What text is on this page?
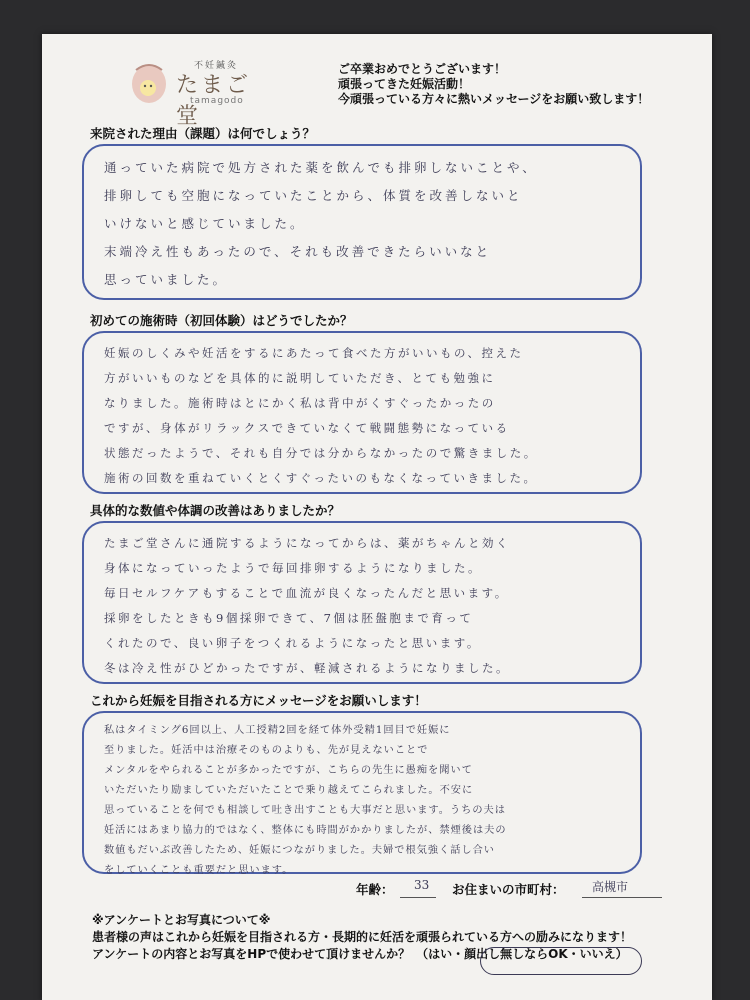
不妊鍼灸
たまご堂
tamagodo
ご卒業おめでとうございます！
頑張ってきた妊娠活動！
今頑張っている方々に熱いメッセージをお願い致します！
来院された理由（課題）は何でしょう？
通っていた病院で処方された薬を飲んでも排卵しないことや、
排卵しても空胞になっていたことから、体質を改善しないと
いけないと感じていました。
末端冷え性もあったので、それも改善できたらいいなと
思っていました。
初めての施術時（初回体験）はどうでしたか？
妊娠のしくみや妊活をするにあたって食べた方がいいもの、控えた
方がいいものなどを具体的に説明していただき、とても勉強に
なりました。施術時はとにかく私は背中がくすぐったかったの
ですが、身体がリラックスできていなくて戦闘態勢になっている
状態だったようで、それも自分では分からなかったので驚きました。
施術の回数を重ねていくとくすぐったいのもなくなっていきました。
具体的な数値や体調の改善はありましたか？
たまご堂さんに通院するようになってからは、薬がちゃんと効く
身体になっていったようで毎回排卵するようになりました。
毎日セルフケアもすることで血流が良くなったんだと思います。
採卵をしたときも9個採卵できて、7個は胚盤胞まで育って
くれたので、良い卵子をつくれるようになったと思います。
冬は冷え性がひどかったですが、軽減されるようになりました。
これから妊娠を目指される方にメッセージをお願いします！
私はタイミング6回以上、人工授精2回を経て体外受精1回目で妊娠に
至りました。妊活中は治療そのものよりも、先が見えないことで
メンタルをやられることが多かったですが、こちらの先生に愚痴を聞いて
いただいたり励ましていただいたことで乗り越えてこられました。不安に
思っていることを何でも相談して吐き出すことも大事だと思います。うちの夫は
妊活にはあまり協力的ではなく、整体にも時間がかかりましたが、禁煙後は夫の
数値もだいぶ改善したため、妊娠につながりました。夫婦で根気強く話し合い
をしていくことも重要だと思います。
年齢： 33 お住まいの市町村： 高槻市
※アンケートとお写真について※
患者様の声はこれから妊娠を目指される方・長期的に妊活を頑張られている方への励みになります！
アンケートの内容とお写真をHPで使わせて頂けませんか？　（はい・顔出し無しならOK・いいえ）
